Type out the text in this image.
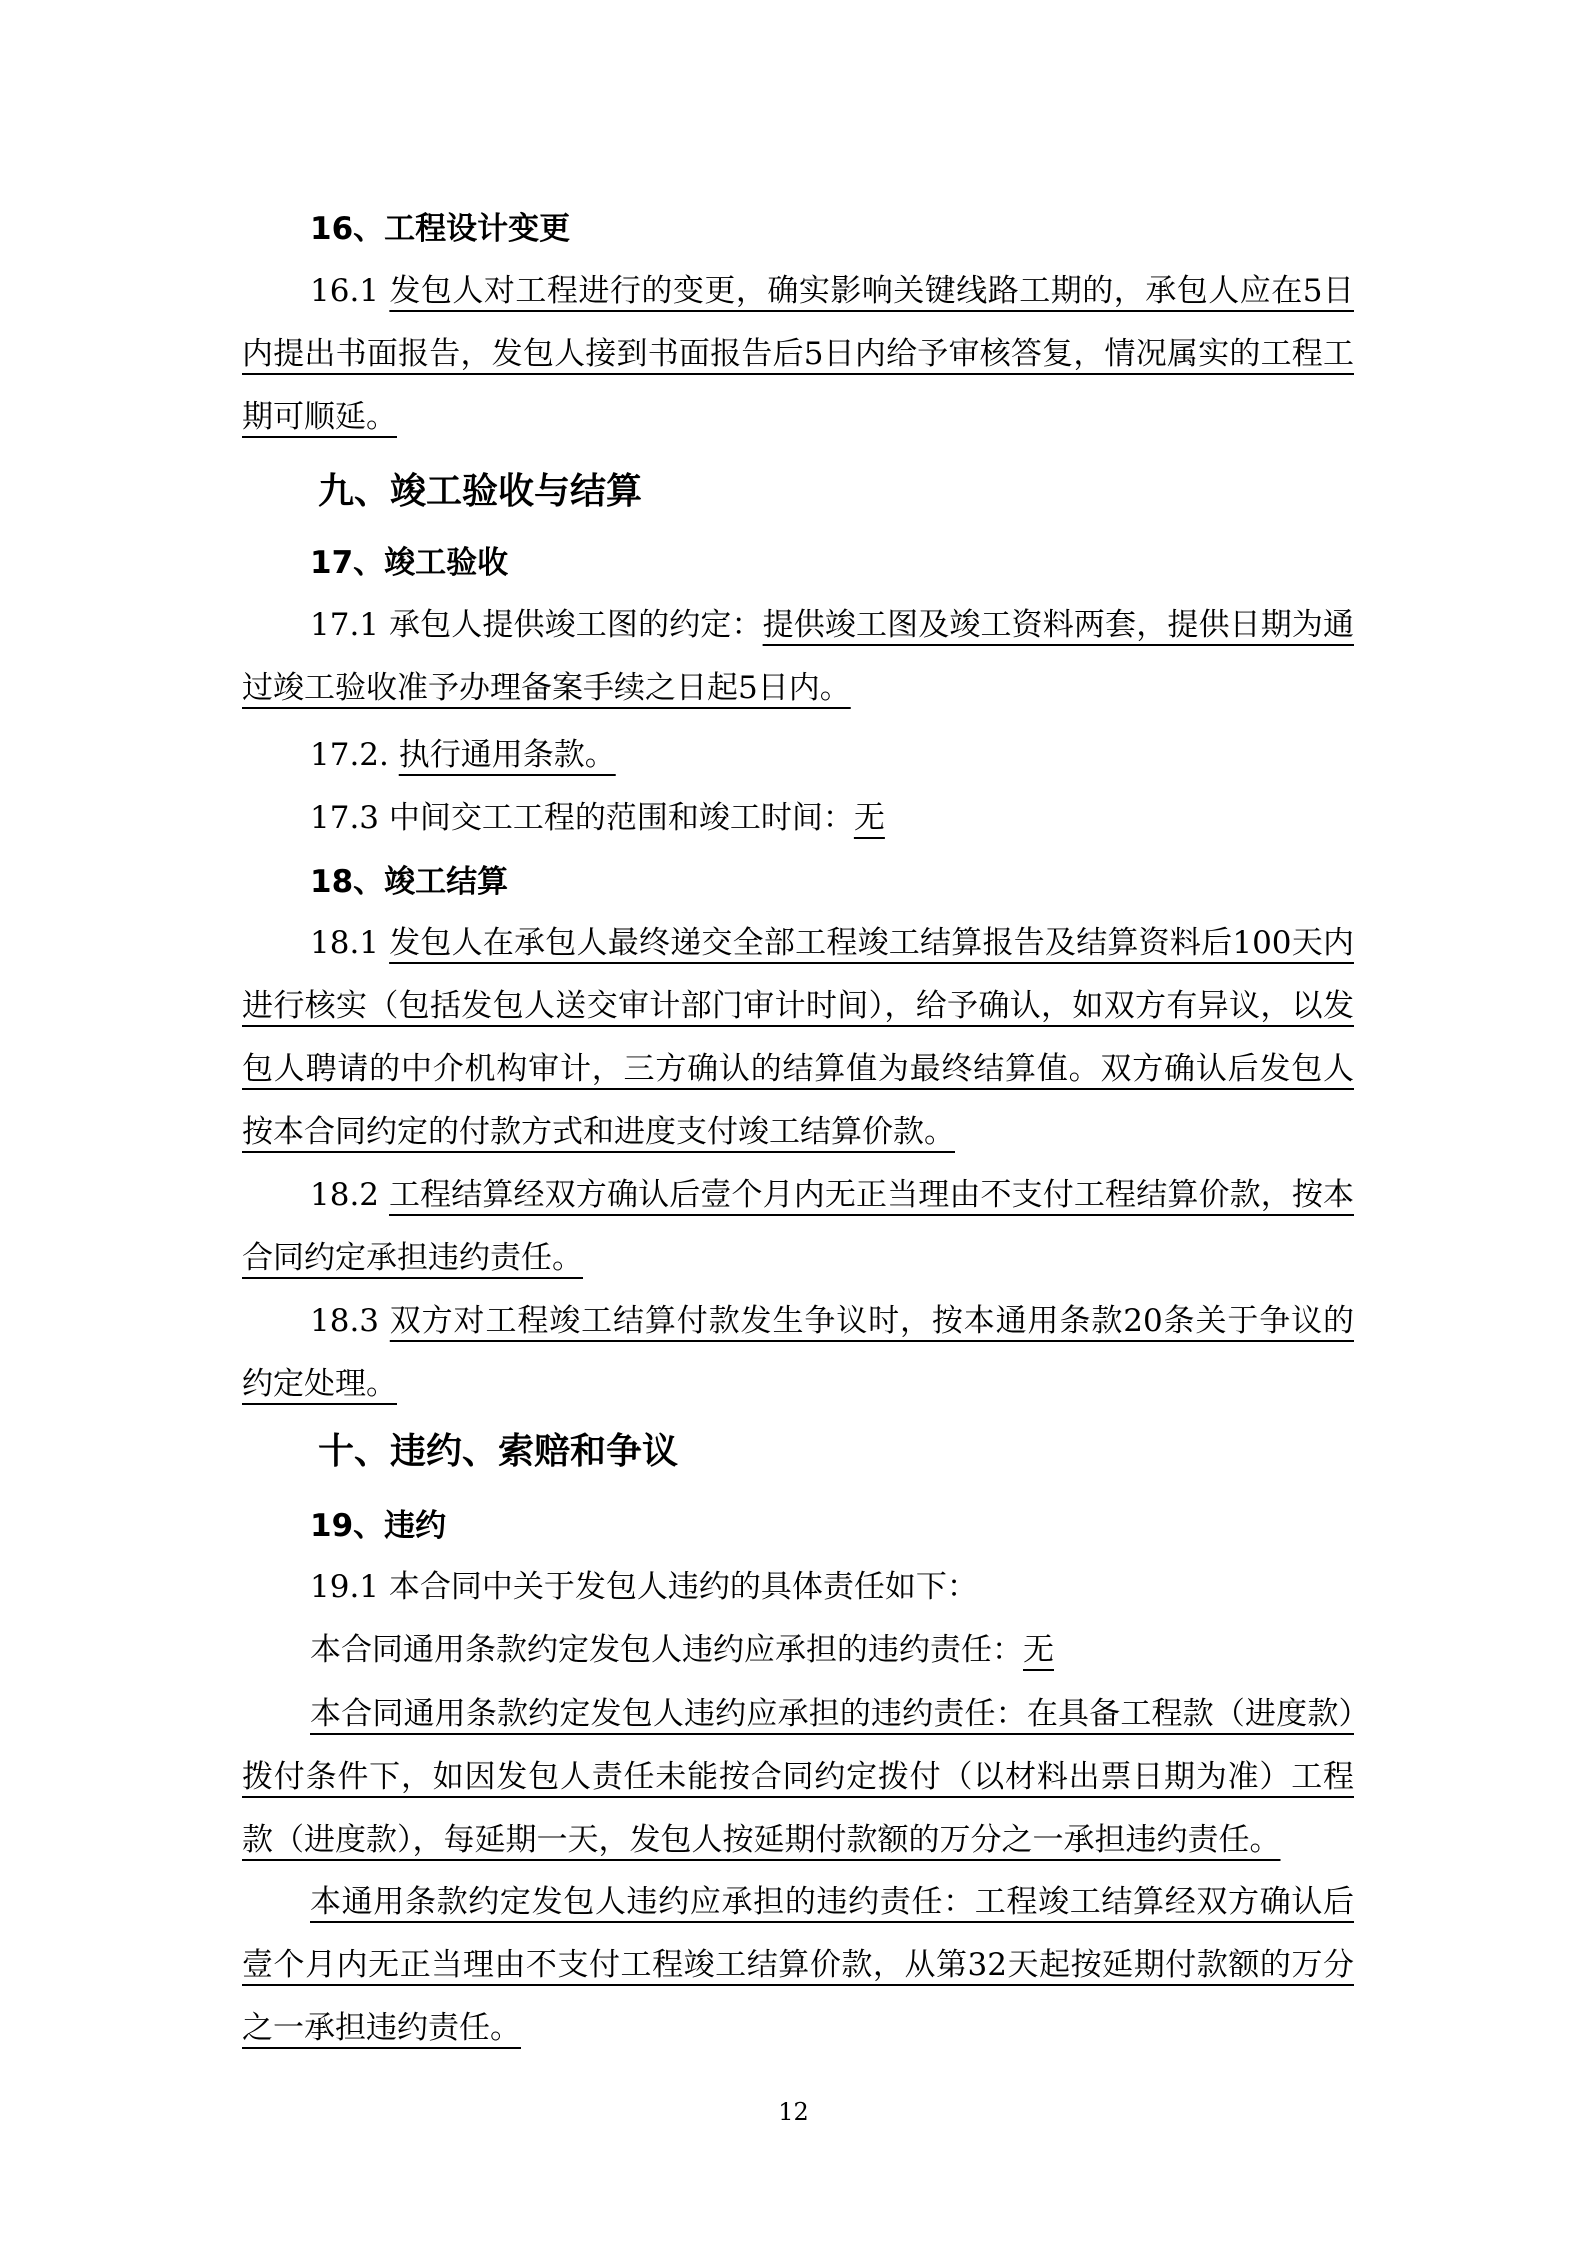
16、工程设计变更
16.1 发包人对工程进行的变更，确实影响关键线路工期的，承包人应在5日内提出书面报告，发包人接到书面报告后5日内给予审核答复，情况属实的工程工期可顺延。
九、竣工验收与结算
17、竣工验收
17.1 承包人提供竣工图的约定：提供竣工图及竣工资料两套，提供日期为通过竣工验收准予办理备案手续之日起5日内。
17.2. 执行通用条款。
17.3 中间交工工程的范围和竣工时间：无
18、竣工结算
18.1 发包人在承包人最终递交全部工程竣工结算报告及结算资料后100天内进行核实（包括发包人送交审计部门审计时间），给予确认，如双方有异议，以发包人聘请的中介机构审计，三方确认的结算值为最终结算值。双方确认后发包人按本合同约定的付款方式和进度支付竣工结算价款。
18.2 工程结算经双方确认后壹个月内无正当理由不支付工程结算价款，按本合同约定承担违约责任。
18.3 双方对工程竣工结算付款发生争议时，按本通用条款20条关于争议的约定处理。
十、违约、索赔和争议
19、违约
19.1 本合同中关于发包人违约的具体责任如下：
本合同通用条款约定发包人违约应承担的违约责任：无
本合同通用条款约定发包人违约应承担的违约责任：在具备工程款（进度款）拨付条件下，如因发包人责任未能按合同约定拨付（以材料出票日期为准）工程款（进度款），每延期一天，发包人按延期付款额的万分之一承担违约责任。
本通用条款约定发包人违约应承担的违约责任：工程竣工结算经双方确认后壹个月内无正当理由不支付工程竣工结算价款，从第32天起按延期付款额的万分之一承担违约责任。
12
